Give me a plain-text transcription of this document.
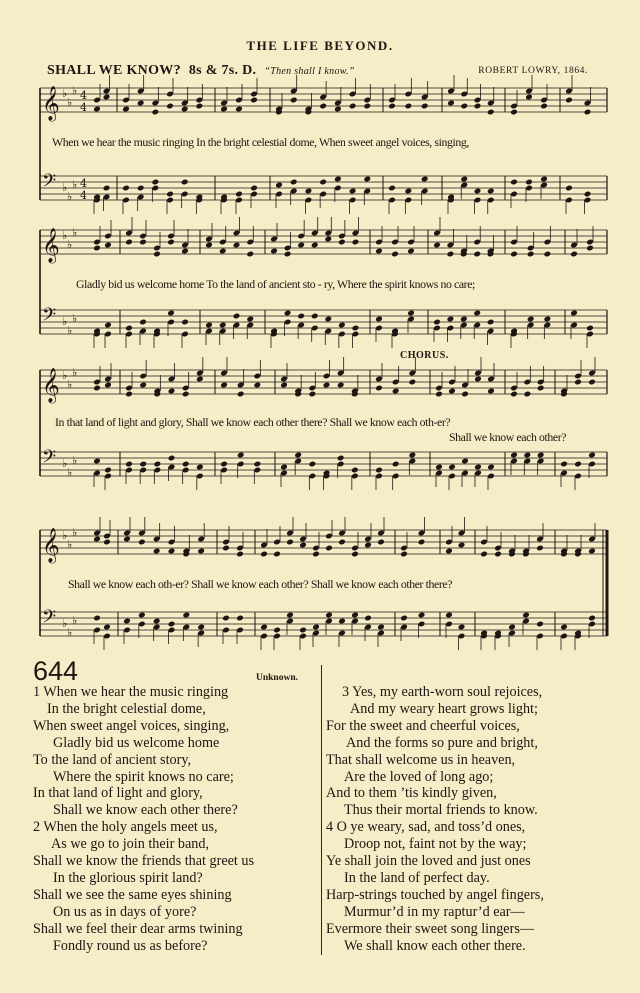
THE LIFE BEYOND.
SHALL WE KNOW? 8s & 7s. D. “Then shall I know.”	ROBERT LOWRY, 1864.
𝄞 ♭
♭
♭ 4
4
𝄢 ♭
♭
♭ 4
4
𝄞 ♭
♭
♭
𝄢 ♭
♭
♭
𝄞 ♭
♭
♭
𝄢 ♭
♭
♭
𝄞 ♭
♭
♭
𝄢 ♭
♭
♭
When we hear the music ringing In the bright celestial dome, When sweet angel voices, singing,
Gladly bid us welcome home To the land of ancient sto - ry, Where the spirit knows no care;
CHORUS.
In that land of light and glory, Shall we know each other there? Shall we know each oth-er?
Shall we know each other?
Shall we know each oth-er? Shall we know each other? Shall we know each other there?
644	Unknown.
1 When we hear the music ringing
In the bright celestial dome,
When sweet angel voices, singing,
Gladly bid us welcome home
To the land of ancient story,
Where the spirit knows no care;
In that land of light and glory,
Shall we know each other there?
2 When the holy angels meet us,
As we go to join their band,
Shall we know the friends that greet us
In the glorious spirit land?
Shall we see the same eyes shining
On us as in days of yore?
Shall we feel their dear arms twining
Fondly round us as before?
3 Yes, my earth-worn soul rejoices,
And my weary heart grows light;
For the sweet and cheerful voices,
And the forms so pure and bright,
That shall welcome us in heaven,
Are the loved of long ago;
And to them ’tis kindly given,
Thus their mortal friends to know.
4 O ye weary, sad, and toss’d ones,
Droop not, faint not by the way;
Ye shall join the loved and just ones
In the land of perfect day.
Harp-strings touched by angel fingers,
Murmur’d in my raptur’d ear—
Evermore their sweet song lingers—
We shall know each other there.
